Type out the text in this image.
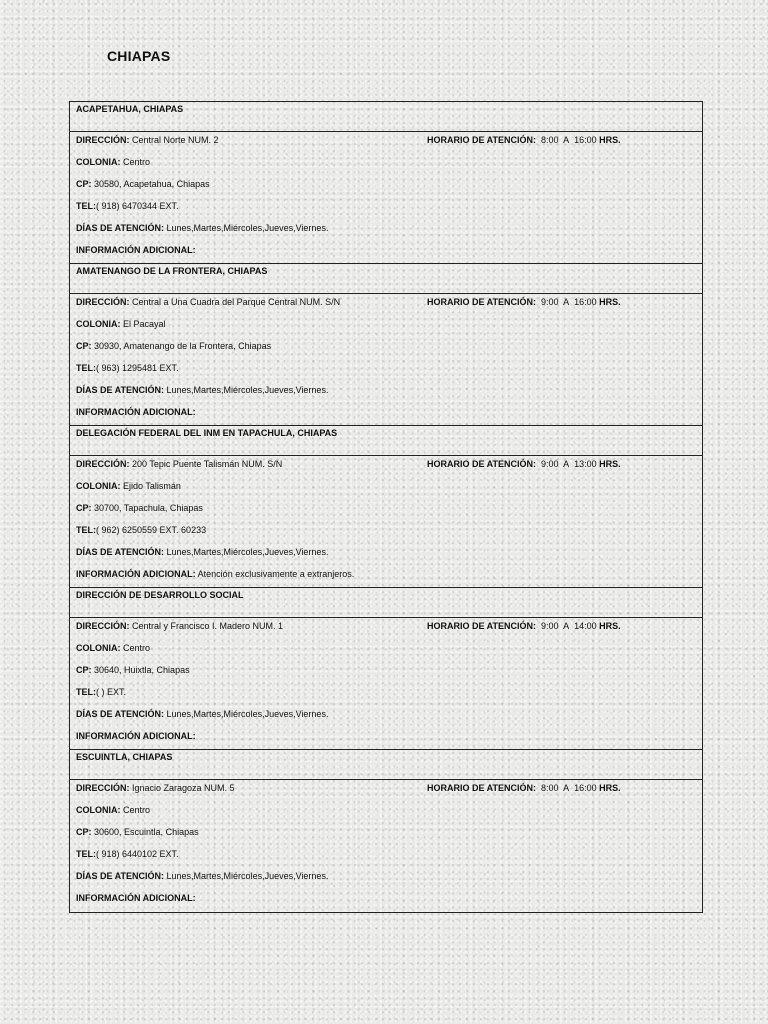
CHIAPAS
ACAPETAHUA, CHIAPAS
DIRECCIÓN: Central Norte NUM. 2
COLONIA: Centro
CP: 30580, Acapetahua, Chiapas
TEL:( 918) 6470344 EXT.
DÍAS DE ATENCIÓN: Lunes,Martes,Miércoles,Jueves,Viernes.
INFORMACIÓN ADICIONAL:
HORARIO DE ATENCIÓN: 8:00 A 16:00 HRS.
AMATENANGO DE LA FRONTERA, CHIAPAS
DIRECCIÓN: Central a Una Cuadra del Parque Central NUM. S/N
COLONIA: El Pacayal
CP: 30930, Amatenango de la Frontera, Chiapas
TEL:( 963) 1295481 EXT.
DÍAS DE ATENCIÓN: Lunes,Martes,Miércoles,Jueves,Viernes.
INFORMACIÓN ADICIONAL:
HORARIO DE ATENCIÓN: 9:00 A 16:00 HRS.
DELEGACIÓN FEDERAL DEL INM EN TAPACHULA, CHIAPAS
DIRECCIÓN: 200 Tepic Puente Talismán NUM. S/N
COLONIA: Ejido Talismán
CP: 30700, Tapachula, Chiapas
TEL:( 962) 6250559 EXT. 60233
DÍAS DE ATENCIÓN: Lunes,Martes,Miércoles,Jueves,Viernes.
INFORMACIÓN ADICIONAL: Atención exclusivamente a extranjeros.
HORARIO DE ATENCIÓN: 9:00 A 13:00 HRS.
DIRECCIÓN DE DESARROLLO SOCIAL
DIRECCIÓN: Central y Francisco I. Madero NUM. 1
COLONIA: Centro
CP: 30640, Huixtla, Chiapas
TEL:( ) EXT.
DÍAS DE ATENCIÓN: Lunes,Martes,Miércoles,Jueves,Viernes.
INFORMACIÓN ADICIONAL:
HORARIO DE ATENCIÓN: 9:00 A 14:00 HRS.
ESCUINTLA, CHIAPAS
DIRECCIÓN: Ignacio Zaragoza NUM. 5
COLONIA: Centro
CP: 30600, Escuintla, Chiapas
TEL:( 918) 6440102 EXT.
DÍAS DE ATENCIÓN: Lunes,Martes,Miércoles,Jueves,Viernes.
INFORMACIÓN ADICIONAL:
HORARIO DE ATENCIÓN: 8:00 A 16:00 HRS.
